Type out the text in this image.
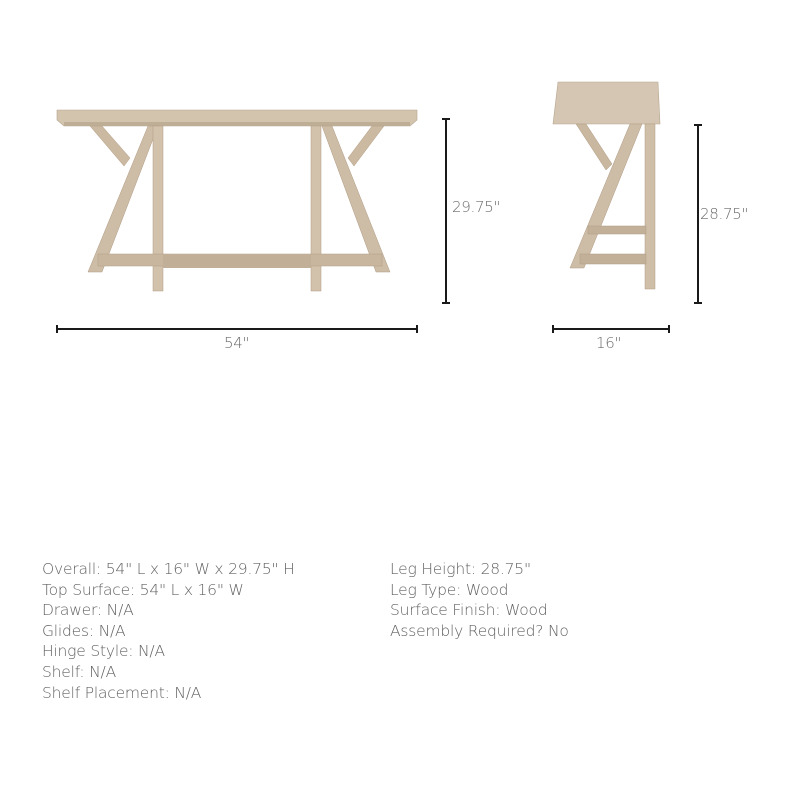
29.75"
54"
28.75"
16"
Overall: 54" L x 16" W x 29.75" H
Top Surface: 54" L x 16" W
Drawer: N/A
Glides: N/A
Hinge Style: N/A
Shelf: N/A
Shelf Placement: N/A
Leg Height: 28.75"
Leg Type: Wood
Surface Finish: Wood
Assembly Required? No
